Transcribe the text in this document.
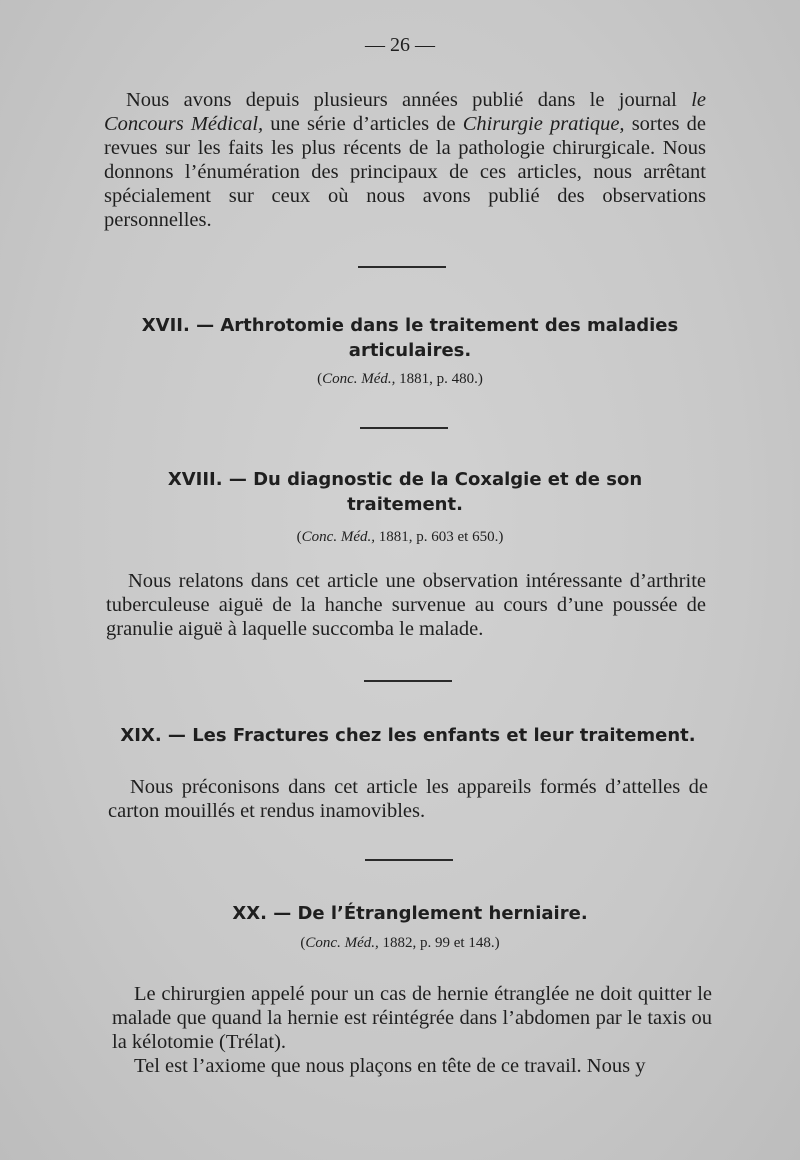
— 26 —
Nous avons depuis plusieurs années publié dans le journal le Concours Médical, une série d’articles de Chirurgie pratique, sortes de revues sur les faits les plus récents de la pathologie chirurgicale. Nous donnons l’énumération des principaux de ces articles, nous arrêtant spécialement sur ceux où nous avons publié des observations personnelles.
XVII. — Arthrotomie dans le traitement des maladies articulaires.
(Conc. Méd., 1881, p. 480.)
XVIII. — Du diagnostic de la Coxalgie et de son traitement.
(Conc. Méd., 1881, p. 603 et 650.)
Nous relatons dans cet article une observation intéressante d’arthrite tuberculeuse aiguë de la hanche survenue au cours d’une poussée de granulie aiguë à laquelle succomba le malade.
XIX. — Les Fractures chez les enfants et leur traitement.
Nous préconisons dans cet article les appareils formés d’attelles de carton mouillés et rendus inamovibles.
XX. — De l’Étranglement herniaire.
(Conc. Méd., 1882, p. 99 et 148.)

Le chirurgien appelé pour un cas de hernie étranglée ne doit quitter le malade que quand la hernie est réintégrée dans l’abdomen par le taxis ou la kélotomie (Trélat).

Tel est l’axiome que nous plaçons en tête de ce travail. Nous y
